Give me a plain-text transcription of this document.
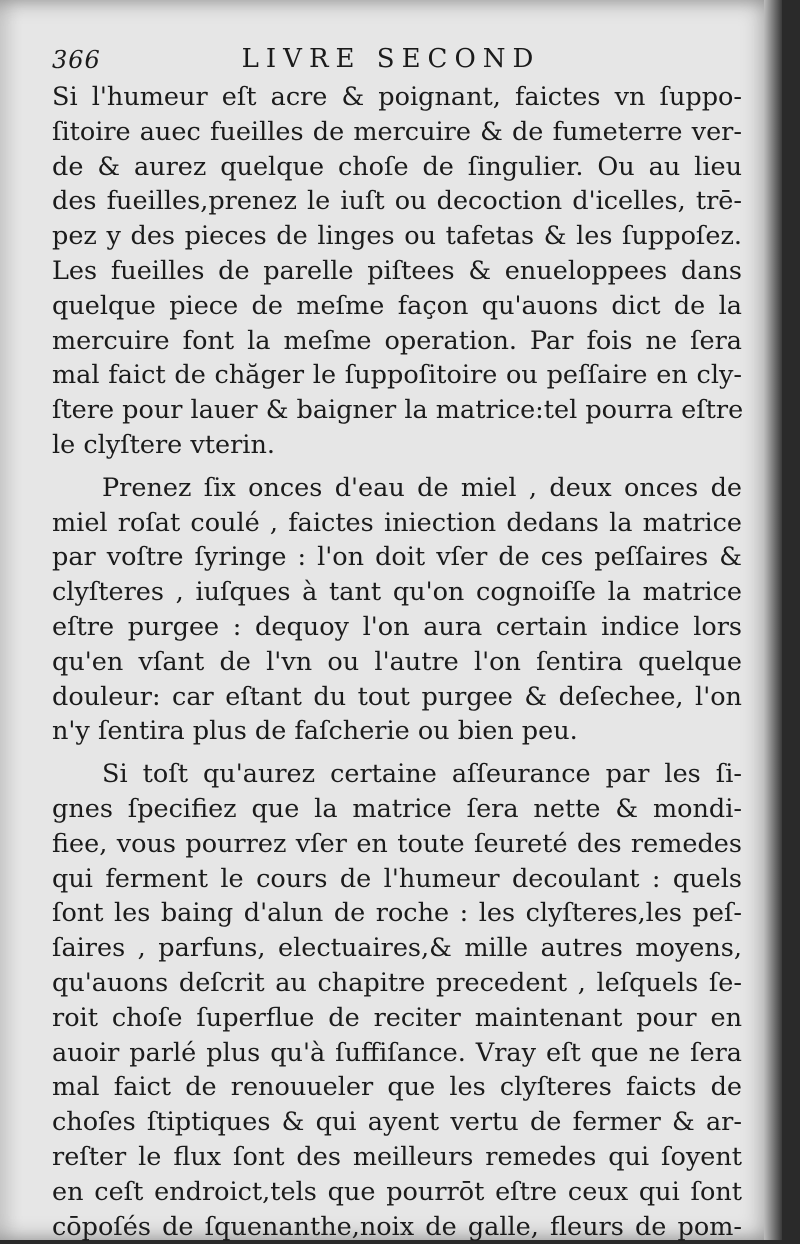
366	LIVRE SECOND
Si l'humeur eſt acre & poignant, faictes vn ſuppo-
ſitoire auec fueilles de mercuire & de fumeterre ver-
de & aurez quelque choſe de ſingulier. Ou au lieu
des fueilles,prenez le iuſt ou decoction d'icelles, trē-
pez y des pieces de linges ou tafetas & les ſuppoſez.
Les fueilles de parelle piſtees & enueloppees dans
quelque piece de meſme façon qu'auons dict de la
mercuire font la meſme operation. Par fois ne ſera
mal faict de chăger le ſuppoſitoire ou peſſaire en cly-
ſtere pour lauer & baigner la matrice:tel pourra eſtre
le clyſtere vterin.
Prenez ſix onces d'eau de miel , deux onces de
miel roſat coulé , faictes iniection dedans la matrice
par voſtre ſyringe : l'on doit vſer de ces peſſaires &
clyſteres , iuſques à tant qu'on cognoiſſe la matrice
eſtre purgee : dequoy l'on aura certain indice lors
qu'en vſant de l'vn ou l'autre l'on ſentira quelque
douleur: car eſtant du tout purgee & deſechee, l'on
n'y ſentira plus de faſcherie ou bien peu.
Si toſt qu'aurez certaine aſſeurance par les ſi-
gnes ſpecifiez que la matrice ſera nette & mondi-
fiee, vous pourrez vſer en toute ſeureté des remedes
qui ferment le cours de l'humeur decoulant : quels
ſont les baing d'alun de roche : les clyſteres,les peſ-
ſaires , parfuns, electuaires,& mille autres moyens,
qu'auons deſcrit au chapitre precedent , leſquels ſe-
roit choſe ſuperflue de reciter maintenant pour en
auoir parlé plus qu'à ſuffiſance. Vray eſt que ne ſera
mal faict de renouueler que les clyſteres faicts de
choſes ſtiptiques & qui ayent vertu de fermer & ar-
reſter le flux ſont des meilleurs remedes qui ſoyent
en ceſt endroict,tels que pourrōt eſtre ceux qui ſont
cōpoſés de ſquenanthe,noix de galle, fleurs de pom-
